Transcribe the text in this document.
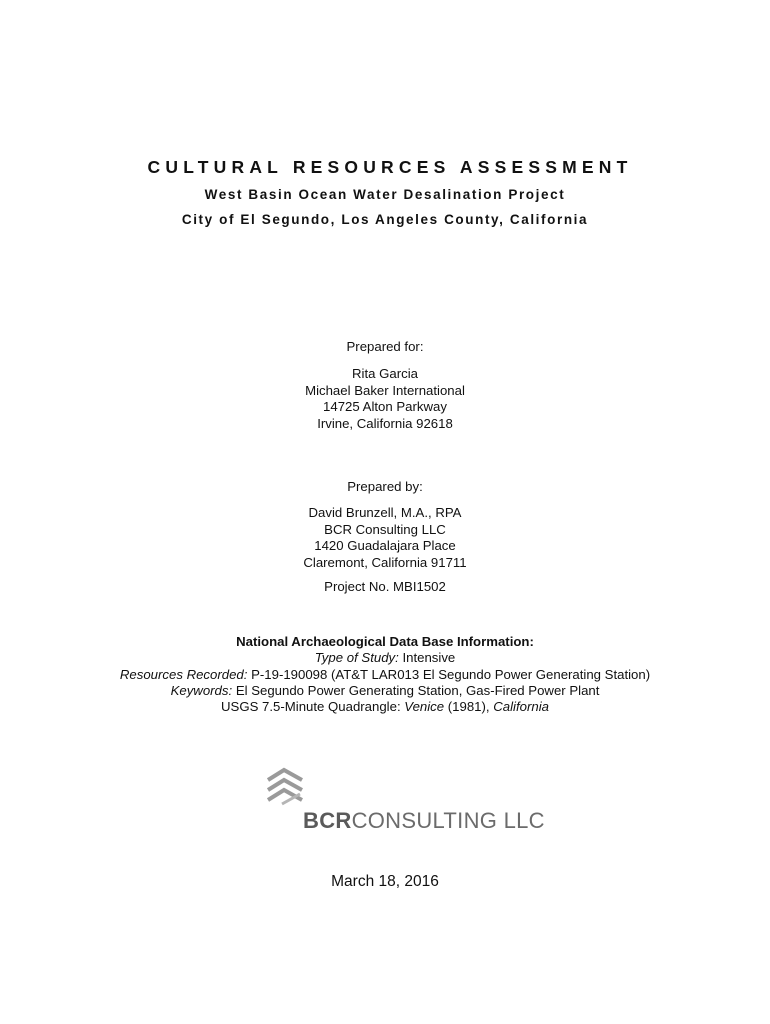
CULTURAL RESOURCES ASSESSMENT
West Basin Ocean Water Desalination Project
City of El Segundo, Los Angeles County, California
Prepared for:
Rita Garcia
Michael Baker International
14725 Alton Parkway
Irvine, California 92618
Prepared by:
David Brunzell, M.A., RPA
BCR Consulting LLC
1420 Guadalajara Place
Claremont, California 91711
Project No. MBI1502
National Archaeological Data Base Information:
Type of Study: Intensive
Resources Recorded: P-19-190098 (AT&T LAR013 El Segundo Power Generating Station)
Keywords: El Segundo Power Generating Station, Gas-Fired Power Plant
USGS 7.5-Minute Quadrangle: Venice (1981), California
BCRCONSULTING LLC
March 18, 2016
